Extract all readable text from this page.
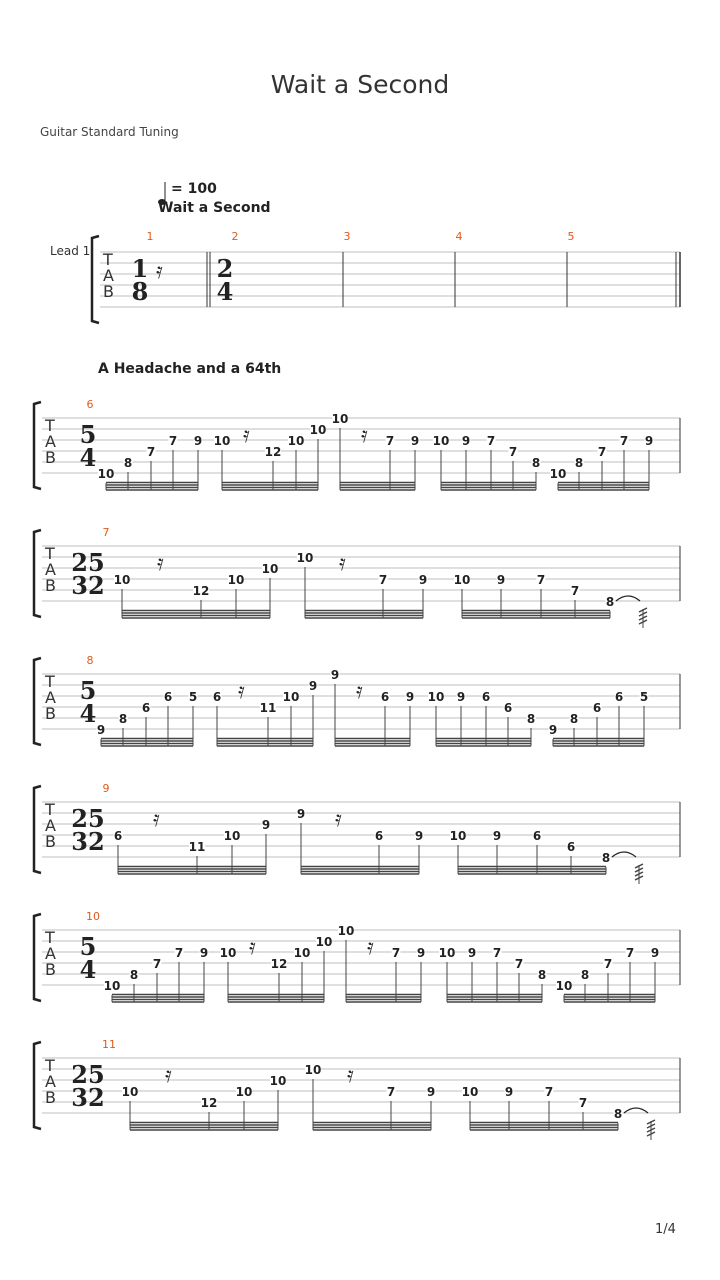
Wait a Second
Guitar Standard Tuning
1/4
Lead 1 T
A
B
= 100
Wait a Second
1
8
𝄿 2
4
1	2	3	4	5
A Headache and a 64th
T
A
B
5
4
6
10
8
7
7 9 10 𝄿
12
10
10
10
𝄿 7 9 10 9 7
7
8
10
8
7
7 9
T
A
B
25
32
7
10
𝄿
12
10
10
10 𝄿
7	9 10 9	7
7
8
T
A
B
5
4
8
9
8
6
6 5 6 𝄿
11
10
9
9
𝄿 6 9 10 9 6
6
8
9
8
6
6 5
T
A
B
25
32
9
6
𝄿
11
10
9
9 𝄿
6	9 10 9	6
6
8
T
A
B
5
4
10
10
8
7
7 9 10 𝄿
12
10
10
10
𝄿 7 9 10 9 7
7
8
10
8
7
7 9
T
A
B
25
32
11
10
𝄿
12
10
10
10 𝄿
7	9 10 9	7
7
8
